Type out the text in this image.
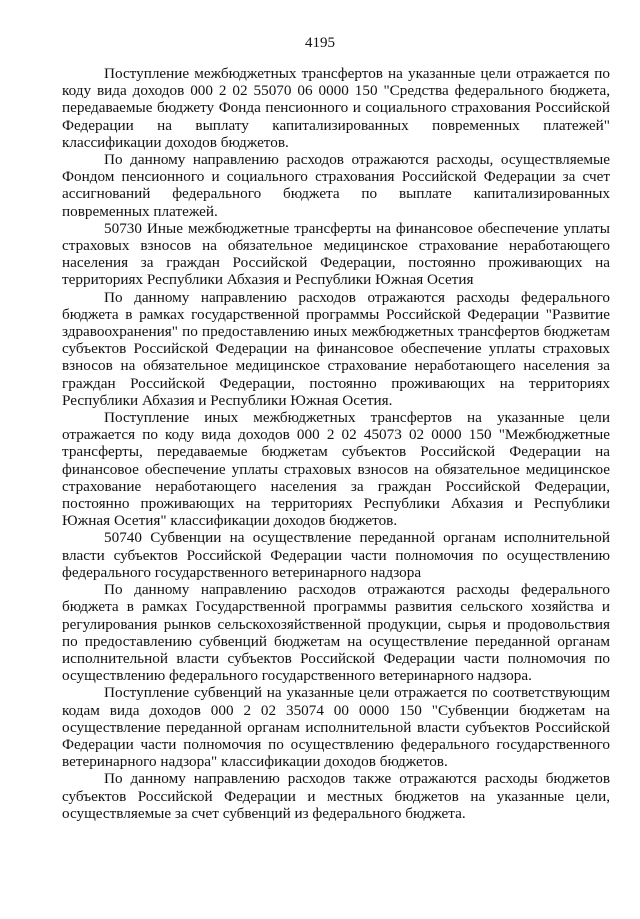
4195

Поступление межбюджетных трансфертов на указанные цели отражается по коду вида доходов 000 2 02 55070 06 0000 150 "Средства федерального бюджета, передаваемые бюджету Фонда пенсионного и социального страхования Российской Федерации на выплату капитализированных повременных платежей" классификации доходов бюджетов.

По данному направлению расходов отражаются расходы, осуществляемые Фондом пенсионного и социального страхования Российской Федерации за счет ассигнований федерального бюджета по выплате капитализированных повременных платежей.

50730 Иные межбюджетные трансферты на финансовое обеспечение уплаты страховых взносов на обязательное медицинское страхование неработающего населения за граждан Российской Федерации, постоянно проживающих на территориях Республики Абхазия и Республики Южная Осетия

По данному направлению расходов отражаются расходы федерального бюджета в рамках государственной программы Российской Федерации "Развитие здравоохранения" по предоставлению иных межбюджетных трансфертов бюджетам субъектов Российской Федерации на финансовое обеспечение уплаты страховых взносов на обязательное медицинское страхование неработающего населения за граждан Российской Федерации, постоянно проживающих на территориях Республики Абхазия и Республики Южная Осетия.

Поступление иных межбюджетных трансфертов на указанные цели отражается по коду вида доходов 000 2 02 45073 02 0000 150 "Межбюджетные трансферты, передаваемые бюджетам субъектов Российской Федерации на финансовое обеспечение уплаты страховых взносов на обязательное медицинское страхование неработающего населения за граждан Российской Федерации, постоянно проживающих на территориях Республики Абхазия и Республики Южная Осетия" классификации доходов бюджетов.

50740 Субвенции на осуществление переданной органам исполнительной власти субъектов Российской Федерации части полномочия по осуществлению федерального государственного ветеринарного надзора

По данному направлению расходов отражаются расходы федерального бюджета в рамках Государственной программы развития сельского хозяйства и регулирования рынков сельскохозяйственной продукции, сырья и продовольствия по предоставлению субвенций бюджетам на осуществление переданной органам исполнительной власти субъектов Российской Федерации части полномочия по осуществлению федерального государственного ветеринарного надзора.

Поступление субвенций на указанные цели отражается по соответствующим кодам вида доходов 000 2 02 35074 00 0000 150 "Субвенции бюджетам на осуществление переданной органам исполнительной власти субъектов Российской Федерации части полномочия по осуществлению федерального государственного ветеринарного надзора" классификации доходов бюджетов.

По данному направлению расходов также отражаются расходы бюджетов субъектов Российской Федерации и местных бюджетов на указанные цели, осуществляемые за счет субвенций из федерального бюджета.
